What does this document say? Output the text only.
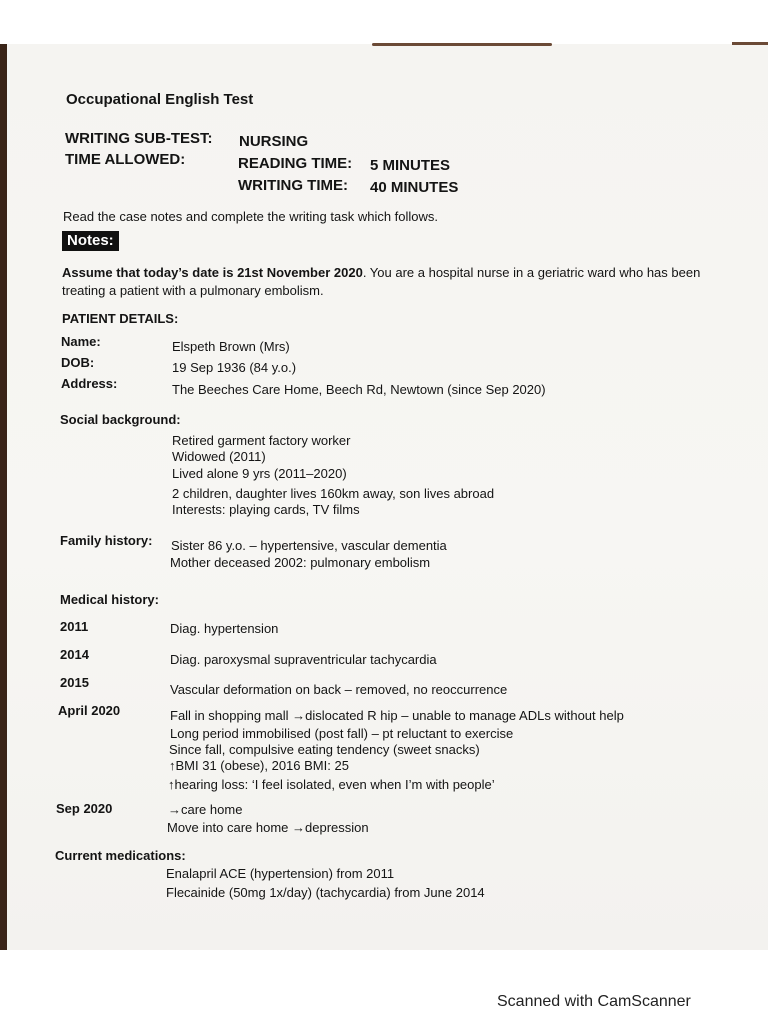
Occupational English Test
WRITING SUB-TEST: NURSING
TIME ALLOWED:	READING TIME: 5 MINUTES
WRITING TIME: 40 MINUTES
Read the case notes and complete the writing task which follows.
Notes:
Assume that today’s date is 21st November 2020. You are a hospital nurse in a geriatric ward who has been
treating a patient with a pulmonary embolism.
PATIENT DETAILS:
Name:	Elspeth Brown (Mrs)
DOB:	19 Sep 1936 (84 y.o.)
Address:	The Beeches Care Home, Beech Rd, Newtown (since Sep 2020)
Social background:
Retired garment factory worker
Widowed (2011)
Lived alone 9 yrs (2011–2020)
2 children, daughter lives 160km away, son lives abroad
Interests: playing cards, TV films
Family history: Sister 86 y.o. – hypertensive, vascular dementia
Mother deceased 2002: pulmonary embolism
Medical history:
2011	Diag. hypertension
2014	Diag. paroxysmal supraventricular tachycardia
2015	Vascular deformation on back – removed, no reoccurrence
April 2020	Fall in shopping mall →dislocated R hip – unable to manage ADLs without help
Long period immobilised (post fall) – pt reluctant to exercise
Since fall, compulsive eating tendency (sweet snacks)
↑BMI 31 (obese), 2016 BMI: 25
↑hearing loss: ‘I feel isolated, even when I’m with people’
Sep 2020	→care home
Move into care home →depression
Current medications:
Enalapril ACE (hypertension) from 2011
Flecainide (50mg 1x/day) (tachycardia) from June 2014
Scanned with CamScanner
